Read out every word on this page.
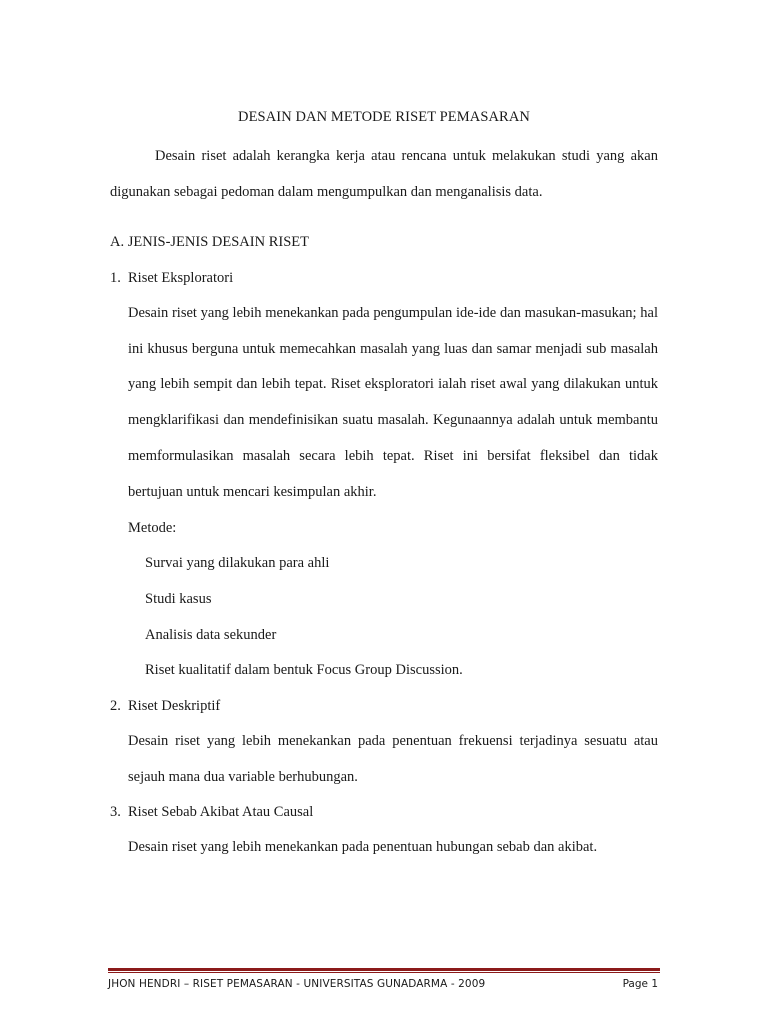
DESAIN DAN METODE RISET PEMASARAN
Desain riset adalah kerangka kerja atau rencana untuk melakukan studi yang akan digunakan sebagai pedoman dalam mengumpulkan dan menganalisis data.
A. JENIS-JENIS DESAIN RISET
1. Riset Eksploratori
Desain riset yang lebih menekankan pada pengumpulan ide-ide dan masukan-masukan; hal ini khusus berguna untuk memecahkan masalah yang luas dan samar menjadi sub masalah yang lebih sempit dan lebih tepat. Riset eksploratori ialah riset awal yang dilakukan untuk mengklarifikasi dan mendefinisikan suatu masalah. Kegunaannya adalah untuk membantu memformulasikan masalah secara lebih tepat. Riset ini bersifat fleksibel dan tidak bertujuan untuk mencari kesimpulan akhir.
Metode:
Survai yang dilakukan para ahli
Studi kasus
Analisis data sekunder
Riset kualitatif dalam bentuk Focus Group Discussion.
2. Riset Deskriptif
Desain riset yang lebih menekankan pada penentuan frekuensi terjadinya sesuatu atau sejauh mana dua variable berhubungan.
3. Riset Sebab Akibat Atau Causal
Desain riset yang lebih menekankan pada penentuan hubungan sebab dan akibat.
JHON HENDRI – RISET PEMASARAN - UNIVERSITAS GUNADARMA - 2009	Page 1
